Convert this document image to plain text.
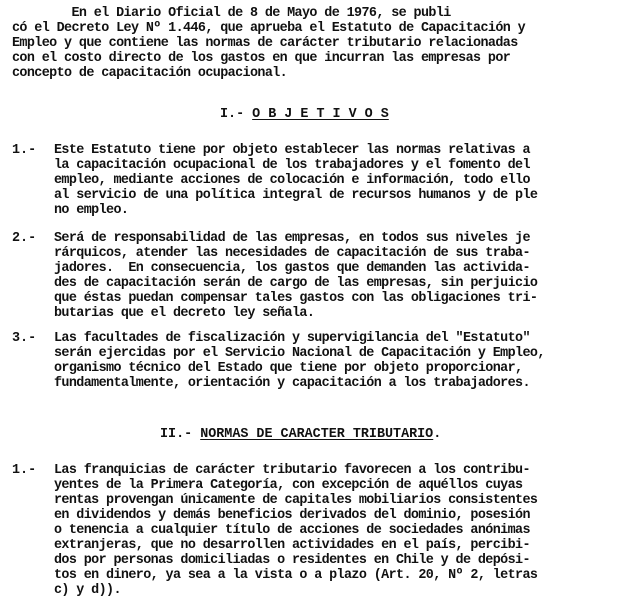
En el Diario Oficial de 8 de Mayo de 1976, se publi
có el Decreto Ley Nº 1.446, que aprueba el Estatuto de Capacitación y
Empleo y que contiene las normas de carácter tributario relacionadas
con el costo directo de los gastos en que incurran las empresas por
concepto de capacitación ocupacional.
I.- O B J E T I V O S
1.- Este Estatuto tiene por objeto establecer las normas relativas a
la capacitación ocupacional de los trabajadores y el fomento del
empleo, mediante acciones de colocación e información, todo ello
al servicio de una política integral de recursos humanos y de ple
no empleo.
2.- Será de responsabilidad de las empresas, en todos sus niveles je
rárquicos, atender las necesidades de capacitación de sus traba-
jadores.  En consecuencia, los gastos que demanden las activida-
des de capacitación serán de cargo de las empresas, sin perjuicio
que éstas puedan compensar tales gastos con las obligaciones tri-
butarias que el decreto ley señala.
3.- Las facultades de fiscalización y supervigilancia del "Estatuto"
serán ejercidas por el Servicio Nacional de Capacitación y Empleo,
organismo técnico del Estado que tiene por objeto proporcionar,
fundamentalmente, orientación y capacitación a los trabajadores.
II.- NORMAS DE CARACTER TRIBUTARIO.
1.- Las franquicias de carácter tributario favorecen a los contribu-
yentes de la Primera Categoría, con excepción de aquéllos cuyas
rentas provengan únicamente de capitales mobiliarios consistentes
en dividendos y demás beneficios derivados del dominio, posesión
o tenencia a cualquier título de acciones de sociedades anónimas
extranjeras, que no desarrollen actividades en el país, percibi-
dos por personas domiciliadas o residentes en Chile y de depósi-
tos en dinero, ya sea a la vista o a plazo (Art. 20, Nº 2, letras
c) y d)).
